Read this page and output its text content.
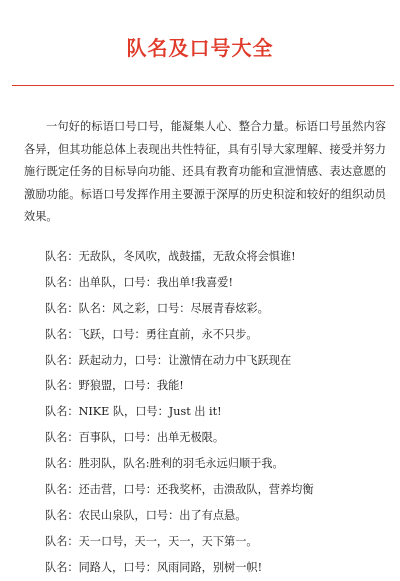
队名及口号大全

一句好的标语口号口号，能凝集人心、整合力量。标语口号虽然内容各异，但其功能总体上表现出共性特征，具有引导大家理解、接受并努力施行既定任务的目标导向功能、还具有教育功能和宣泄情感、表达意愿的激励功能。标语口号发挥作用主要源于深厚的历史积淀和较好的组织动员效果。

队名：无敌队，冬风吹，战鼓擂，无敌众将会惧谁!
队名：出单队，口号：我出单!我喜爱!
队名：队名：风之彩，口号：尽展青春炫彩。
队名：飞跃，口号：勇往直前，永不只步。
队名：跃起动力，口号：让激情在动力中飞跃现在
队名：野狼盟，口号：我能!
队名：NIKE 队，口号：Just 出 it!
队名：百事队，口号：出单无极限。
队名：胜羽队，队名:胜利的羽毛永远归顺于我。
队名：还击营，口号：还我奖杯，击溃敌队，营养均衡
队名：农民山泉队，口号：出了有点悬。
队名：天一口号，天一，天一，天下第一。
队名：同路人，口号：风雨同路，别树一帜!
